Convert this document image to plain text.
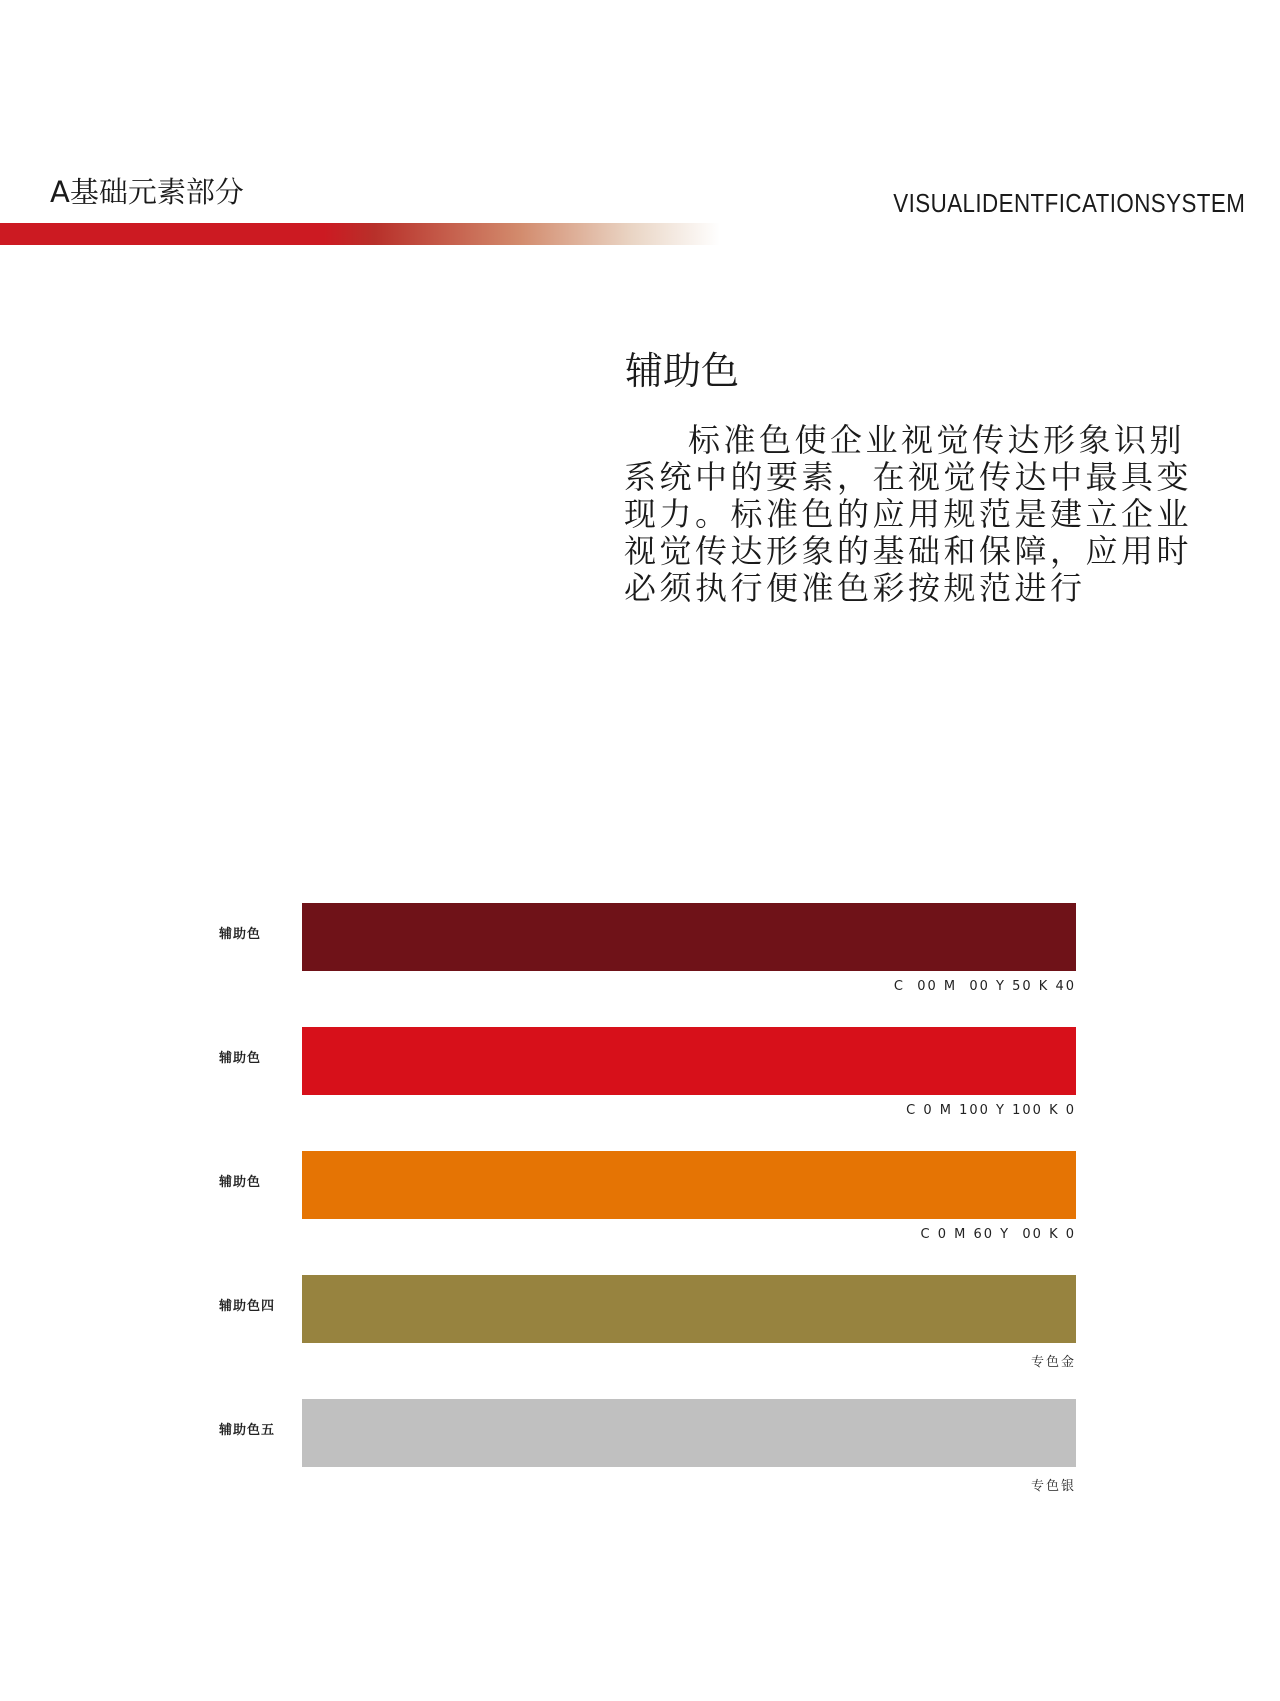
A基础元素部分	VISUALIDENTFICATIONSYSTEM
辅助色
标准色使企业视觉传达形象识别系统中的要素，在视觉传达中最具变现力。标准色的应用规范是建立企业视觉传达形象的基础和保障，应用时必须执行便准色彩按规范进行
辅助色
C  00 M  00 Y 50 K 40
辅助色
C 0 M 100 Y 100 K 0
辅助色
C 0 M 60 Y  00 K 0
辅助色四
专色金
辅助色五
专色银
